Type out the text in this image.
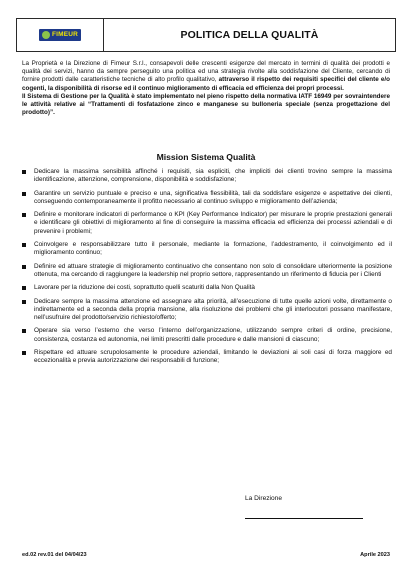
FIMEUR	POLITICA DELLA QUALITÀ
La Proprietà e la Direzione di Fimeur S.r.l., consapevoli delle crescenti esigenze del mercato in termini di qualità dei prodotti e qualità dei servizi, hanno da sempre perseguito una politica ed una strategia rivolte alla soddisfazione del Cliente, cercando di fornire prodotti dalle caratteristiche tecniche di alto profilo qualitativo, attraverso il rispetto dei requisiti specifici del cliente e/o cogenti, la disponibilità di risorse ed il continuo miglioramento di efficacia ed efficienza dei propri processi.
Il Sistema di Gestione per la Qualità è stato implementato nel pieno rispetto della normativa IATF 16949 per sovraintendere le attività relative ai “Trattamenti di fosfatazione zinco e manganese su bulloneria speciale (senza progettazione del prodotto)”.
Mission Sistema Qualità
Dedicare la massima sensibilità affinché i requisiti, sia espliciti, che impliciti dei clienti trovino sempre la massima identificazione, attenzione, comprensione, disponibilità e soddisfazione;
Garantire un servizio puntuale e preciso e una, significativa flessibilità, tali da soddisfare esigenze e aspettative dei clienti, conseguendo contemporaneamente il profitto necessario al continuo sviluppo e miglioramento dell’azienda;
Definire e monitorare indicatori di performance o KPI (Key Performance Indicator) per misurare le proprie prestazioni generali e identificare gli obiettivi di miglioramento al fine di conseguire la massima efficacia ed efficienza dei processi aziendali e di prevenire i problemi;
Coinvolgere e responsabilizzare tutto il personale, mediante la formazione, l’addestramento, il coinvolgimento ed il miglioramento continuo;
Definire ed attuare strategie di miglioramento continuativo che consentano non solo di consolidare ulteriormente la posizione ottenuta, ma cercando di raggiungere la leadership nel proprio settore, rappresentando un riferimento di fiducia per i Clienti
Lavorare per la riduzione dei costi, soprattutto quelli scaturiti dalla Non Qualità
Dedicare sempre la massima attenzione ed assegnare alta priorità, all’esecuzione di tutte quelle azioni volte, direttamente o indirettamente ed a seconda della propria mansione, alla risoluzione dei problemi che gli interlocutori possano manifestare, nell’usufruire del prodotto/servizio richiesto/offerto;
Operare sia verso l’esterno che verso l’interno dell’organizzazione, utilizzando sempre criteri di ordine, precisione, consistenza, costanza ed autonomia, nei limiti prescritti dalle procedure e dalle mansioni di ciascuno;
Rispettare ed attuare scrupolosamente le procedure aziendali, limitando le deviazioni ai soli casi di forza maggiore ed eccezionalità e previa autorizzazione dei responsabili di funzione;
La Direzione
ed.02 rev.01 del 04/04/23	Aprile 2023
